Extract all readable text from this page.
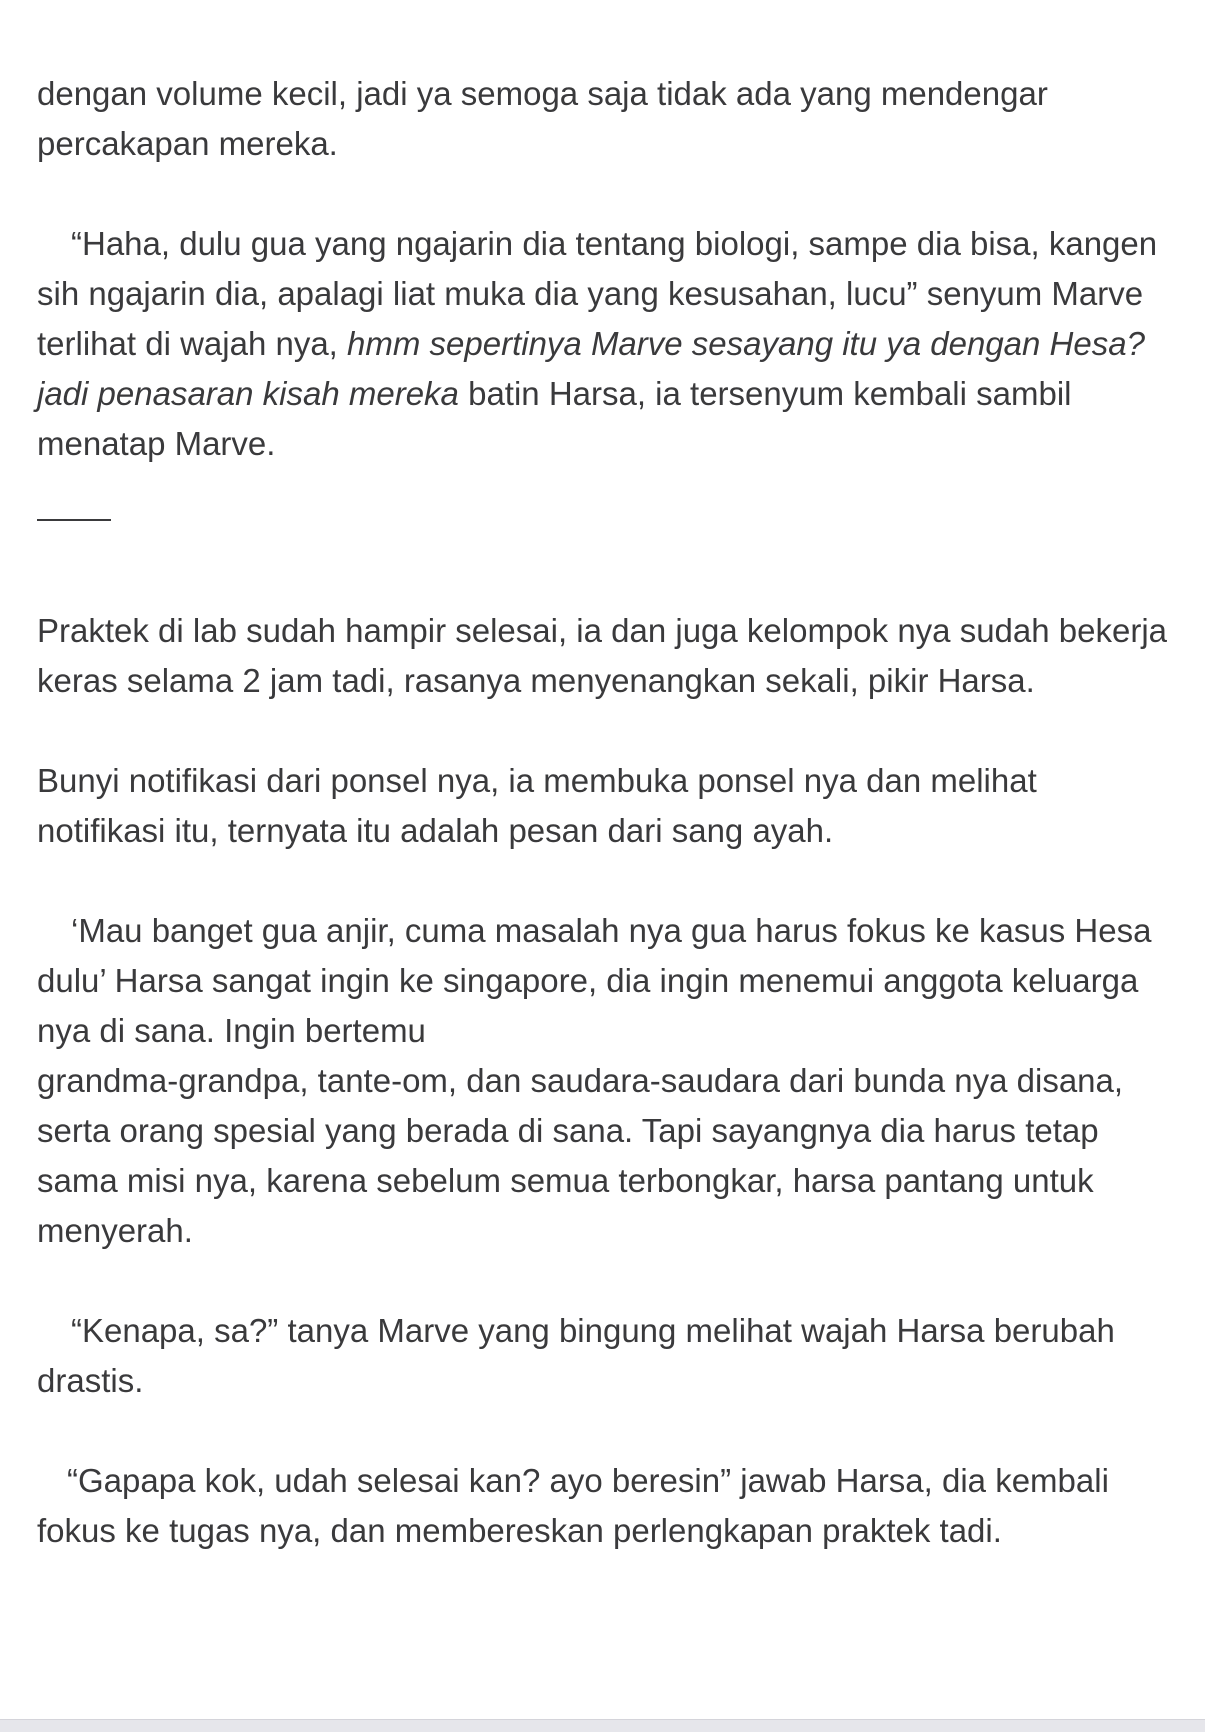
dengan volume kecil, jadi ya semoga saja tidak ada yang mendengar percakapan mereka.

“Haha, dulu gua yang ngajarin dia tentang biologi, sampe dia bisa, kangen sih ngajarin dia, apalagi liat muka dia yang kesusahan, lucu” senyum Marve terlihat di wajah nya, hmm sepertinya Marve sesayang itu ya dengan Hesa? jadi penasaran kisah mereka batin Harsa, ia tersenyum kembali sambil menatap Marve.

Praktek di lab sudah hampir selesai, ia dan juga kelompok nya sudah bekerja keras selama 2 jam tadi, rasanya menyenangkan sekali, pikir Harsa.

Bunyi notifikasi dari ponsel nya, ia membuka ponsel nya dan melihat notifikasi itu, ternyata itu adalah pesan dari sang ayah.

‘Mau banget gua anjir, cuma masalah nya gua harus fokus ke kasus Hesa dulu’ Harsa sangat ingin ke singapore, dia ingin menemui anggota keluarga nya di sana. Ingin bertemu
grandma-grandpa, tante-om, dan saudara-saudara dari bunda nya disana, serta orang spesial yang berada di sana. Tapi sayangnya dia harus tetap sama misi nya, karena sebelum semua terbongkar, harsa pantang untuk menyerah.

“Kenapa, sa?” tanya Marve yang bingung melihat wajah Harsa berubah drastis.

“Gapapa kok, udah selesai kan? ayo beresin” jawab Harsa, dia kembali fokus ke tugas nya, dan membereskan perlengkapan praktek tadi.
